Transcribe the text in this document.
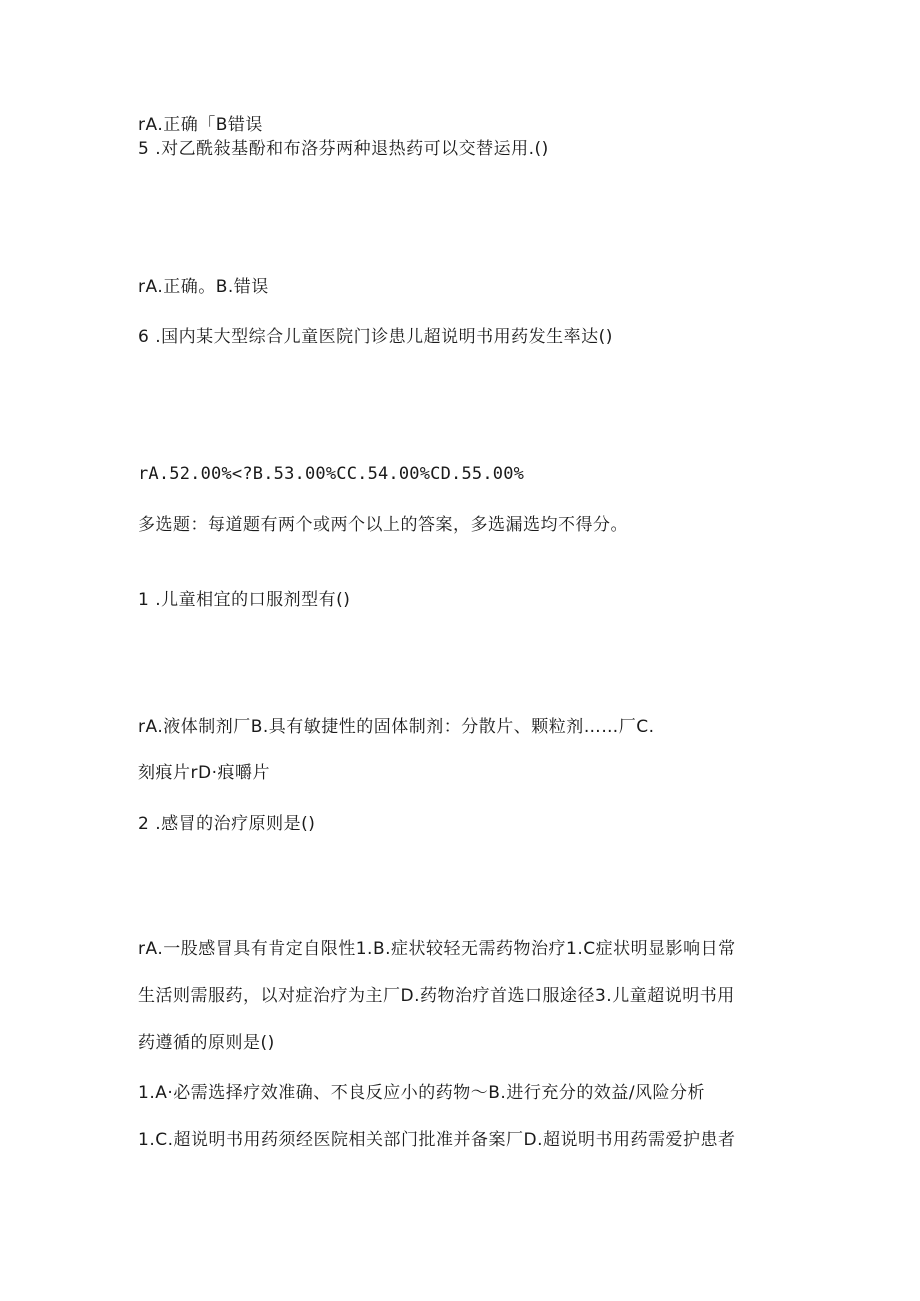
rA.正确「B错误
5 .对乙酰敍基酚和布洛芬两种退热药可以交替运用.()
rA.正确。B.错误
6 .国内某大型综合儿童医院门诊患儿超说明书用药发生率达()
rA.52.00%<?B.53.00%CC.54.00%CD.55.00%
多选题：每道题有两个或两个以上的答案，多选漏选均不得分。
1 .儿童相宜的口服剂型有()
rA.液体制剂厂B.具有敏捷性的固体制剂：分散片、颗粒剂……厂C.
刻痕片rD·痕嚼片
2 .感冒的治疗原则是()
rA.一股感冒具有肯定自限性1.B.症状较轻无需药物治疗1.C症状明显影响日常
生活则需服药，以对症治疗为主厂D.药物治疗首选口服途径3.儿童超说明书用
药遵循的原则是()
1.A·必需选择疗效准确、不良反应小的药物～B.进行充分的效益/风险分析
1.C.超说明书用药须经医院相关部门批准并备案厂D.超说明书用药需爱护患者
